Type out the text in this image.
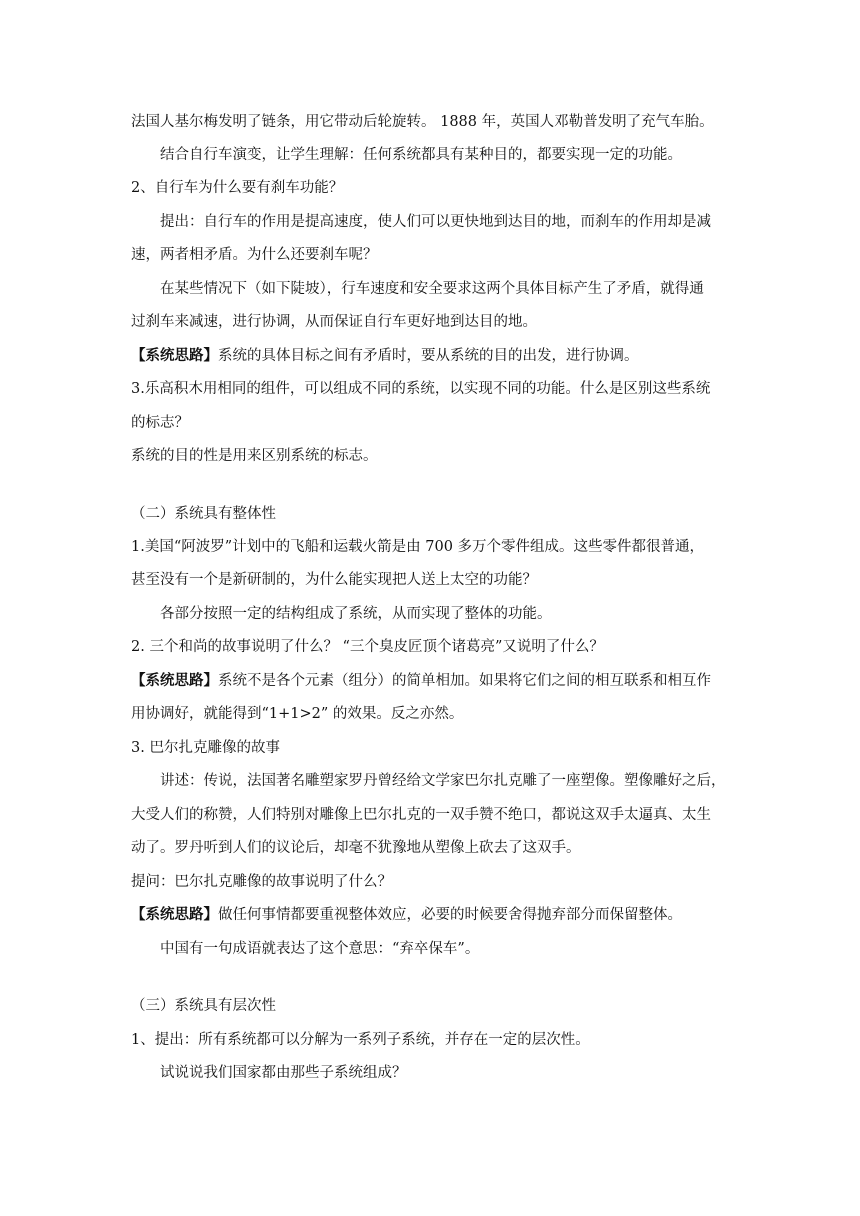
法国人基尔梅发明了链条，用它带动后轮旋转。 1888 年，英国人邓勒普发明了充气车胎。
结合自行车演变，让学生理解：任何系统都具有某种目的，都要实现一定的功能。
2、自行车为什么要有刹车功能？
提出：自行车的作用是提高速度，使人们可以更快地到达目的地，而刹车的作用却是减
速，两者相矛盾。为什么还要刹车呢？
在某些情况下（如下陡坡），行车速度和安全要求这两个具体目标产生了矛盾，就得通
过刹车来减速，进行协调，从而保证自行车更好地到达目的地。
【系统思路】系统的具体目标之间有矛盾时，要从系统的目的出发，进行协调。
3.乐高积木用相同的组件，可以组成不同的系统，以实现不同的功能。什么是区别这些系统
的标志？
系统的目的性是用来区别系统的标志。
（二）系统具有整体性
1.美国“阿波罗”计划中的飞船和运载火箭是由 700 多万个零件组成。这些零件都很普通，
甚至没有一个是新研制的，为什么能实现把人送上太空的功能？
各部分按照一定的结构组成了系统，从而实现了整体的功能。
2. 三个和尚的故事说明了什么？ “三个臭皮匠顶个诸葛亮”又说明了什么？
【系统思路】系统不是各个元素（组分）的简单相加。如果将它们之间的相互联系和相互作
用协调好，就能得到“1+1>2” 的效果。反之亦然。
3. 巴尔扎克雕像的故事
讲述：传说，法国著名雕塑家罗丹曾经给文学家巴尔扎克雕了一座塑像。塑像雕好之后，
大受人们的称赞，人们特别对雕像上巴尔扎克的一双手赞不绝口，都说这双手太逼真、太生
动了。罗丹听到人们的议论后，却毫不犹豫地从塑像上砍去了这双手。
提问：巴尔扎克雕像的故事说明了什么？
【系统思路】做任何事情都要重视整体效应，必要的时候要舍得抛弃部分而保留整体。
中国有一句成语就表达了这个意思：“弃卒保车”。
（三）系统具有层次性
1、提出：所有系统都可以分解为一系列子系统，并存在一定的层次性。
试说说我们国家都由那些子系统组成？
